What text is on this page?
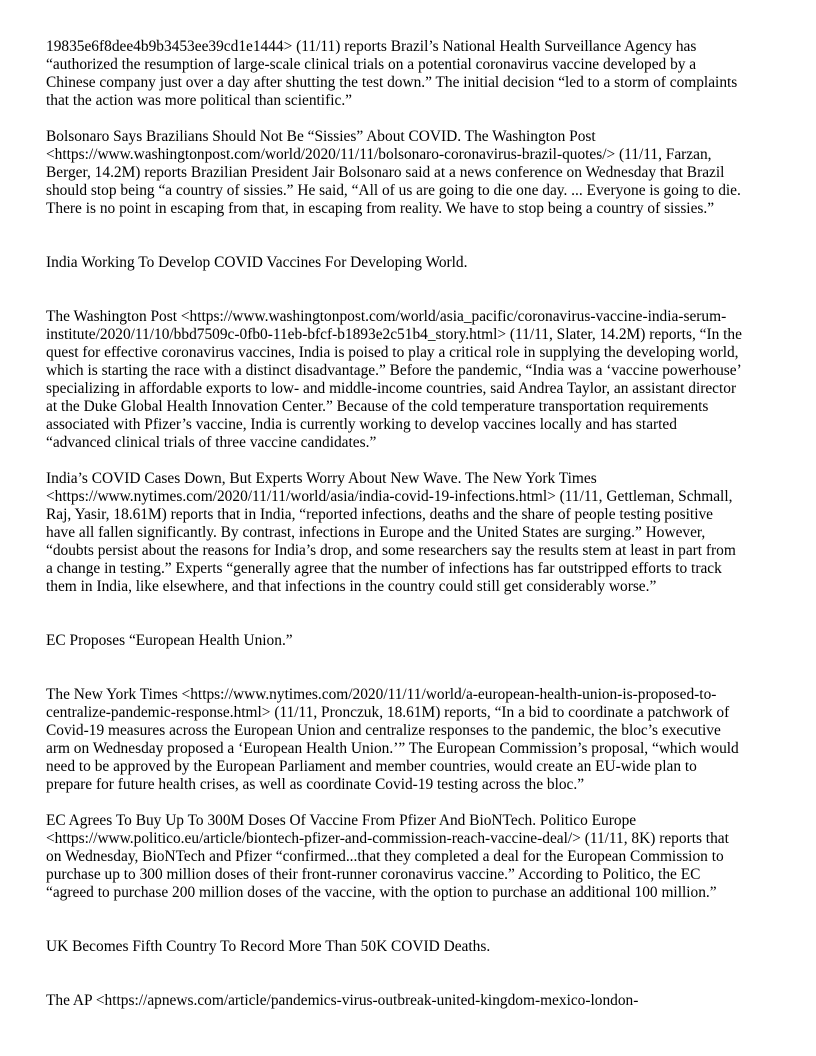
19835e6f8dee4b9b3453ee39cd1e1444> (11/11) reports Brazil’s National Health Surveillance Agency has
“authorized the resumption of large-scale clinical trials on a potential coronavirus vaccine developed by a
Chinese company just over a day after shutting the test down.” The initial decision “led to a storm of complaints
that the action was more political than scientific.”

Bolsonaro Says Brazilians Should Not Be “Sissies” About COVID. The Washington Post
<https://www.washingtonpost.com/world/2020/11/11/bolsonaro-coronavirus-brazil-quotes/> (11/11, Farzan,
Berger, 14.2M) reports Brazilian President Jair Bolsonaro said at a news conference on Wednesday that Brazil
should stop being “a country of sissies.” He said, “All of us are going to die one day. ... Everyone is going to die.
There is no point in escaping from that, in escaping from reality. We have to stop being a country of sissies.”

India Working To Develop COVID Vaccines For Developing World.

The Washington Post <https://www.washingtonpost.com/world/asia_pacific/coronavirus-vaccine-india-serum-
institute/2020/11/10/bbd7509c-0fb0-11eb-bfcf-b1893e2c51b4_story.html> (11/11, Slater, 14.2M) reports, “In the
quest for effective coronavirus vaccines, India is poised to play a critical role in supplying the developing world,
which is starting the race with a distinct disadvantage.” Before the pandemic, “India was a ‘vaccine powerhouse’
specializing in affordable exports to low- and middle-income countries, said Andrea Taylor, an assistant director
at the Duke Global Health Innovation Center.” Because of the cold temperature transportation requirements
associated with Pfizer’s vaccine, India is currently working to develop vaccines locally and has started
“advanced clinical trials of three vaccine candidates.”

India’s COVID Cases Down, But Experts Worry About New Wave. The New York Times
<https://www.nytimes.com/2020/11/11/world/asia/india-covid-19-infections.html> (11/11, Gettleman, Schmall,
Raj, Yasir, 18.61M) reports that in India, “reported infections, deaths and the share of people testing positive
have all fallen significantly. By contrast, infections in Europe and the United States are surging.” However,
“doubts persist about the reasons for India’s drop, and some researchers say the results stem at least in part from
a change in testing.” Experts “generally agree that the number of infections has far outstripped efforts to track
them in India, like elsewhere, and that infections in the country could still get considerably worse.”

EC Proposes “European Health Union.”

The New York Times <https://www.nytimes.com/2020/11/11/world/a-european-health-union-is-proposed-to-
centralize-pandemic-response.html> (11/11, Pronczuk, 18.61M) reports, “In a bid to coordinate a patchwork of
Covid-19 measures across the European Union and centralize responses to the pandemic, the bloc’s executive
arm on Wednesday proposed a ‘European Health Union.’” The European Commission’s proposal, “which would
need to be approved by the European Parliament and member countries, would create an EU-wide plan to
prepare for future health crises, as well as coordinate Covid-19 testing across the bloc.”

EC Agrees To Buy Up To 300M Doses Of Vaccine From Pfizer And BioNTech. Politico Europe
<https://www.politico.eu/article/biontech-pfizer-and-commission-reach-vaccine-deal/> (11/11, 8K) reports that
on Wednesday, BioNTech and Pfizer “confirmed...that they completed a deal for the European Commission to
purchase up to 300 million doses of their front-runner coronavirus vaccine.” According to Politico, the EC
“agreed to purchase 200 million doses of the vaccine, with the option to purchase an additional 100 million.”

UK Becomes Fifth Country To Record More Than 50K COVID Deaths.

The AP <https://apnews.com/article/pandemics-virus-outbreak-united-kingdom-mexico-london-
